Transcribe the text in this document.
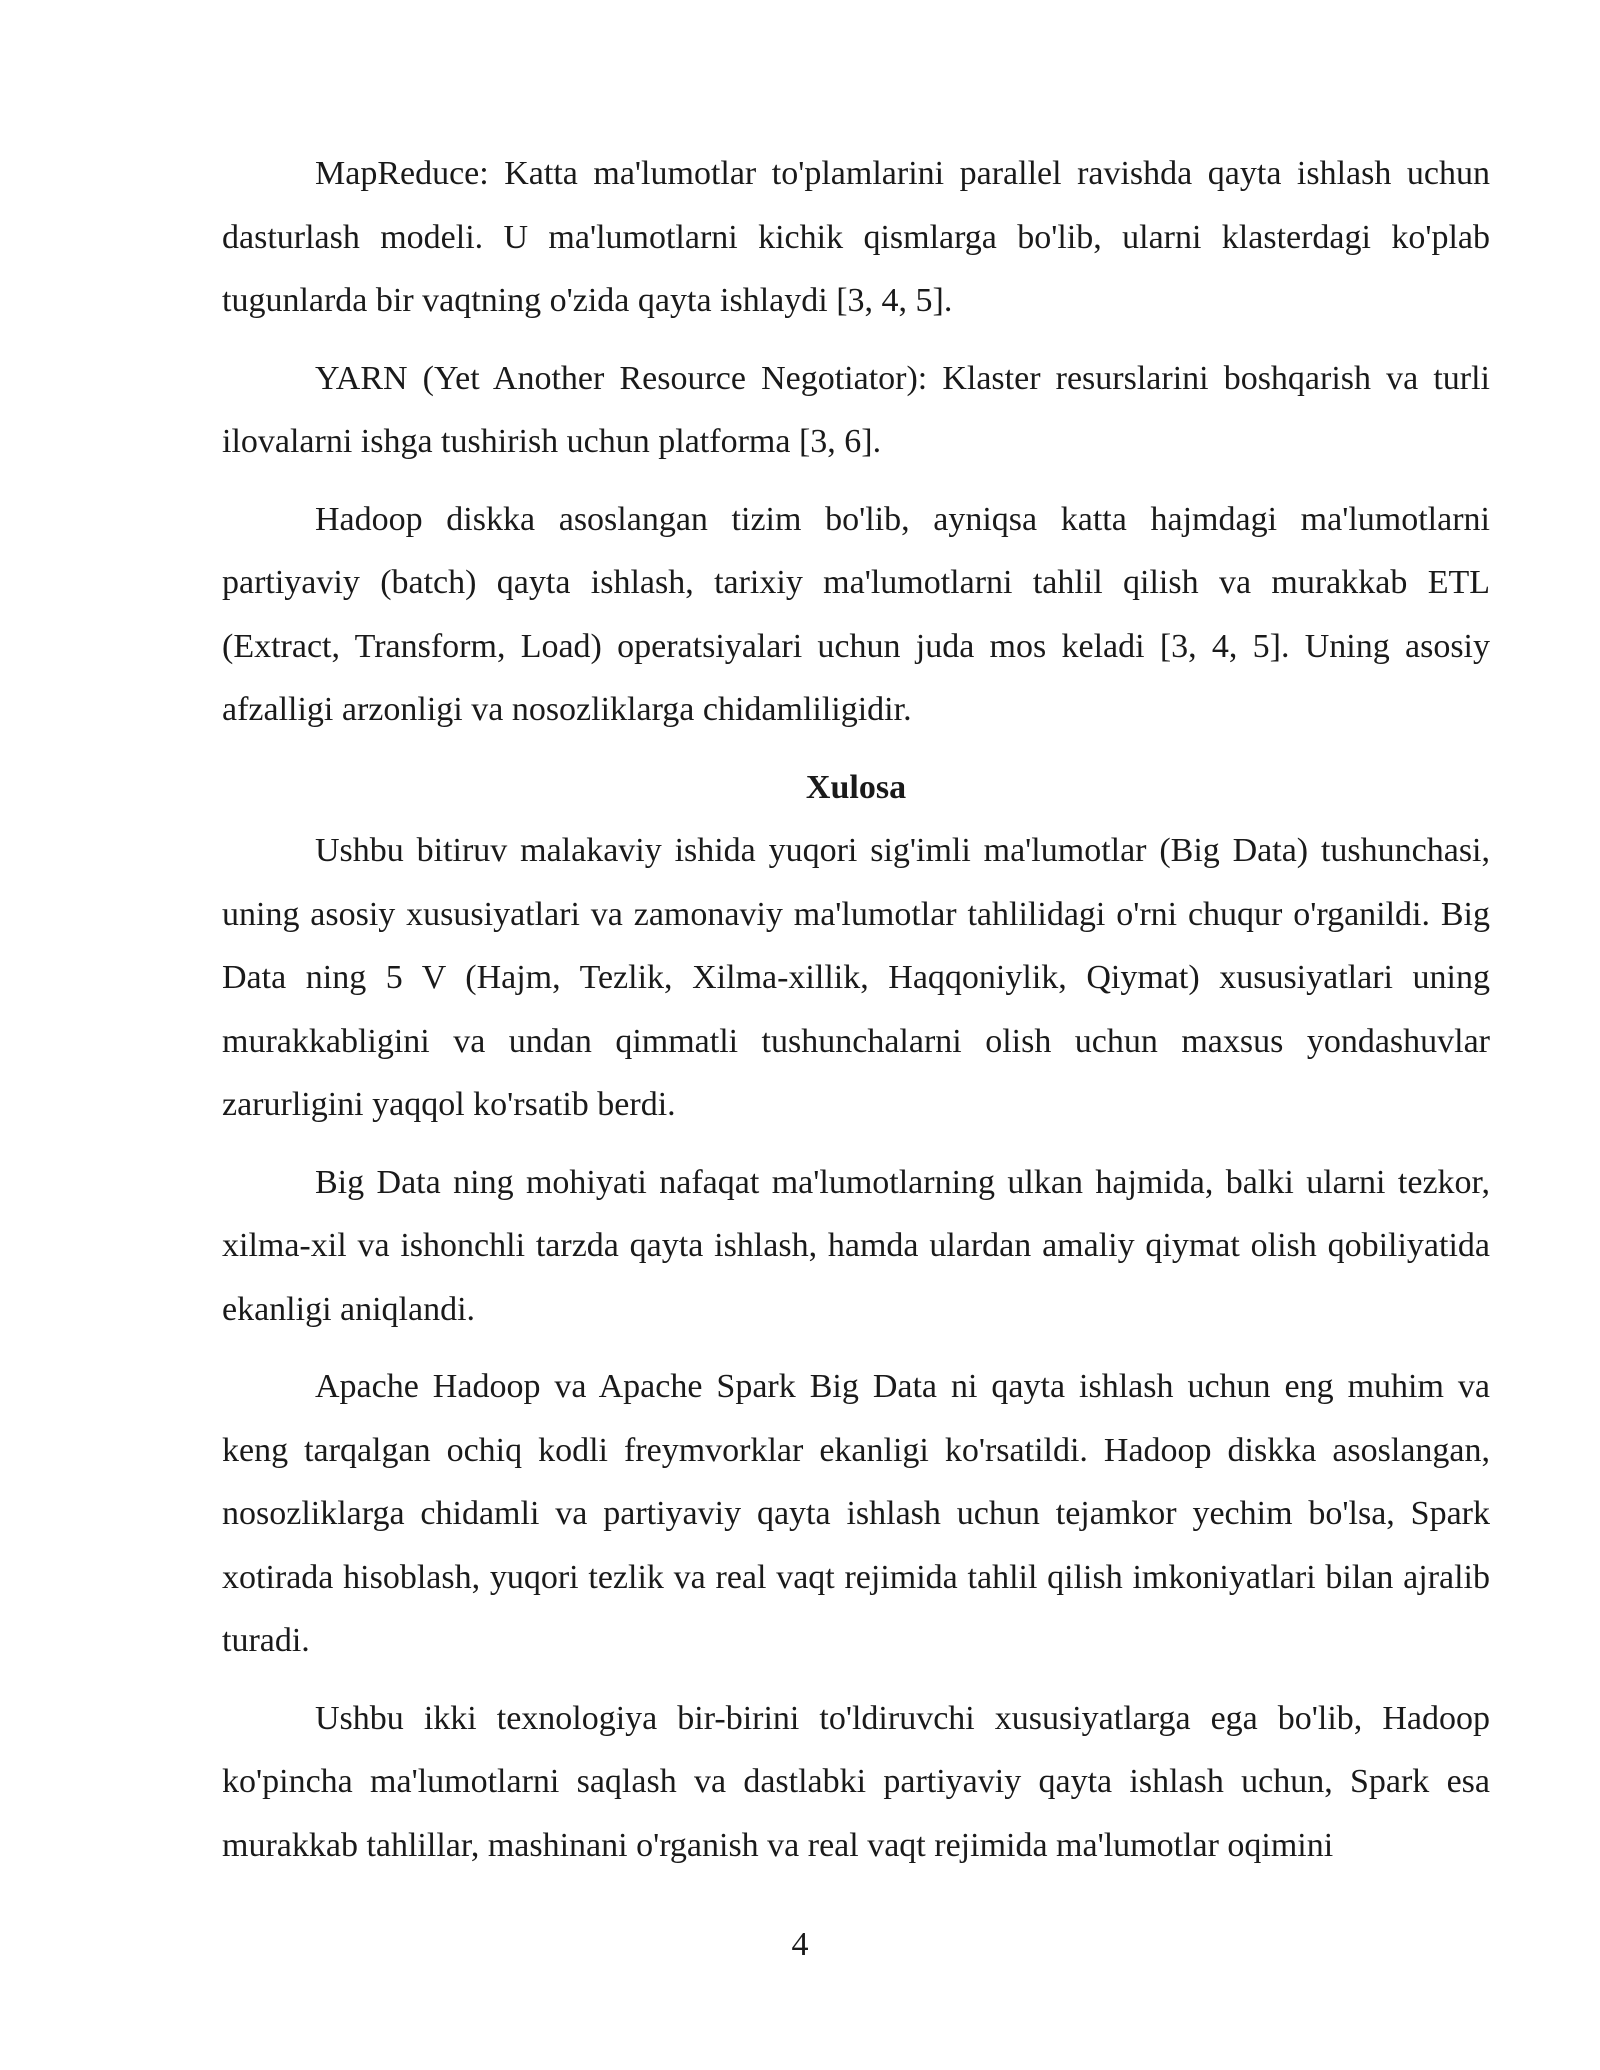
MapReduce: Katta ma'lumotlar to'plamlarini parallel ravishda qayta ishlash uchun dasturlash modeli. U ma'lumotlarni kichik qismlarga bo'lib, ularni klasterdagi ko'plab tugunlarda bir vaqtning o'zida qayta ishlaydi [3, 4, 5].

YARN (Yet Another Resource Negotiator): Klaster resurslarini boshqarish va turli ilovalarni ishga tushirish uchun platforma [3, 6].

Hadoop diskka asoslangan tizim bo'lib, ayniqsa katta hajmdagi ma'lumotlarni partiyaviy (batch) qayta ishlash, tarixiy ma'lumotlarni tahlil qilish va murakkab ETL (Extract, Transform, Load) operatsiyalari uchun juda mos keladi [3, 4, 5]. Uning asosiy afzalligi arzonligi va nosozliklarga chidamliligidir.

Xulosa

Ushbu bitiruv malakaviy ishida yuqori sig'imli ma'lumotlar (Big Data) tushunchasi, uning asosiy xususiyatlari va zamonaviy ma'lumotlar tahlilidagi o'rni chuqur o'rganildi. Big Data ning 5 V (Hajm, Tezlik, Xilma-xillik, Haqqoniylik, Qiymat) xususiyatlari uning murakkabligini va undan qimmatli tushunchalarni olish uchun maxsus yondashuvlar zarurligini yaqqol ko'rsatib berdi.

Big Data ning mohiyati nafaqat ma'lumotlarning ulkan hajmida, balki ularni tezkor, xilma-xil va ishonchli tarzda qayta ishlash, hamda ulardan amaliy qiymat olish qobiliyatida ekanligi aniqlandi.

Apache Hadoop va Apache Spark Big Data ni qayta ishlash uchun eng muhim va keng tarqalgan ochiq kodli freymvorklar ekanligi ko'rsatildi. Hadoop diskka asoslangan, nosozliklarga chidamli va partiyaviy qayta ishlash uchun tejamkor yechim bo'lsa, Spark xotirada hisoblash, yuqori tezlik va real vaqt rejimida tahlil qilish imkoniyatlari bilan ajralib turadi.

Ushbu ikki texnologiya bir-birini to'ldiruvchi xususiyatlarga ega bo'lib, Hadoop ko'pincha ma'lumotlarni saqlash va dastlabki partiyaviy qayta ishlash uchun, Spark esa murakkab tahlillar, mashinani o'rganish va real vaqt rejimida ma'lumotlar oqimini

4
